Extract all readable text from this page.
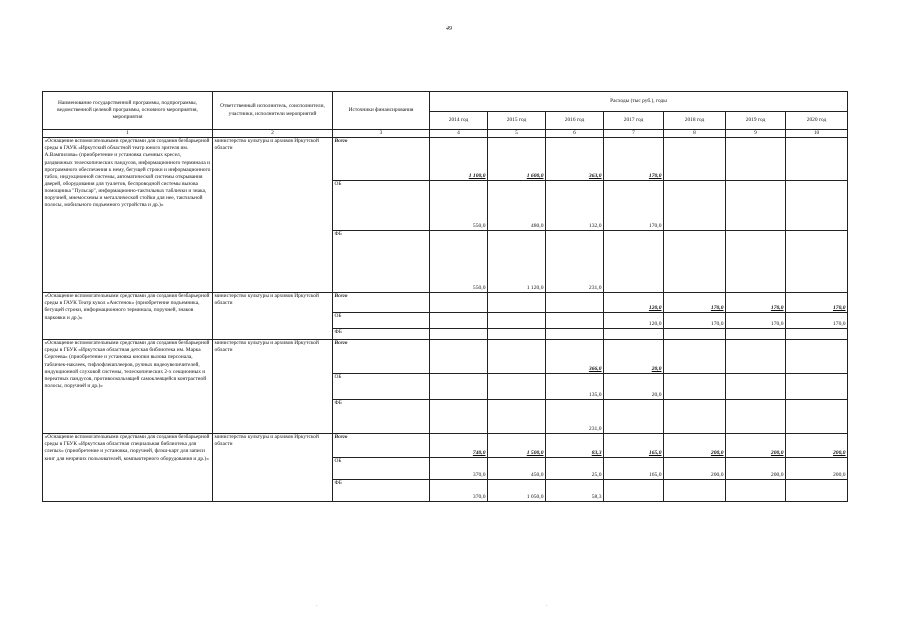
49
Наименование государственной программы, подпрограммы, ведомственной целевой программы, основного мероприятия, мероприятия	Ответственный исполнитель, соисполнители, участники, исполнители мероприятий	Источники финансирования	Расходы (тыс руб.), годы						
			2014 год	2015 год	2016 год	2017 год	2018 год	2019 год	2020 год
1	2	3	4	5	6	7	8	9	10
«Оснащение вспомогательными средствами для создания безбарьерной среды в ГАУК «Иркутский областной театр юного зрителя им. А.Вампилова» (приобретение и установка съемных кресел, раздвижных телескопических пандусов, информационного терминала и программного обеспечения к нему, бегущей строки и информационного табло, индукционной системы, автоматической системы открывания дверей, оборудования для туалетов, беспроводной системы вызова помощника "Пульсар", информационно-тактильных таблички и знака, поручней, мнемосхемы и металлической стойки для нее, тактильной полосы, мобильного подъемного устройства и др.)»	министерство культуры и архивов Иркутской области	Всего	1 100,0	1 600,0	363,0	170,0			
		ОБ	550,0	480,0	132,0	170,0			
		ФБ	550,0	1 120,0	231,0				
«Оснащение вспомогательными средствами для создания безбарьерной среды в ГАУК Театр кукол «Аистенок» (приобретение подъемника, бегущей строки, информационного терминала, поручней, знаков парковки и др.)»	министерство культуры и архивов Иркутской области	Всего				120,0	170,0	170,0	170,0
		ОБ				120,0	170,0	170,0	170,0
		ФБ							
«Оснащение вспомогательными средствами для создания безбарьерной среды в ГБУК «Иркутская областная детская библиотека им. Марка Сергеева» (приобретение и установка кнопки вызова персонала, табличек-наклеек, тифлофлешплееров, ручных видеоувеличителей, индукционной слуховой системы, телескопических 2-х секционных и переатных пандусов, противоскользящей самоклеящейся контрастной полосы, поручней и др.)»	министерство культуры и архивов Иркутской области	Всего			366,0	20,0			
		ОБ			135,0	20,0			
		ФБ			231,0				
«Оснащение вспомогательными средствами для создания безбарьерной среды в ГБУК «Иркутская областная специальная библиотека для слепых» (приобретение и установка, поручней, флэш-карт для записи книг для незрячих пользователей, компьютерного оборудования и др.)»	министерство культуры и архивов Иркутской области	Всего	740,0	1 500,0	83,3	165,0	200,0	200,0	200,0
		ОБ	370,0	450,0	25,0	165,0	200,0	200,0	200,0
		ФБ	370,0	1 050,0	58,3				
·	·
